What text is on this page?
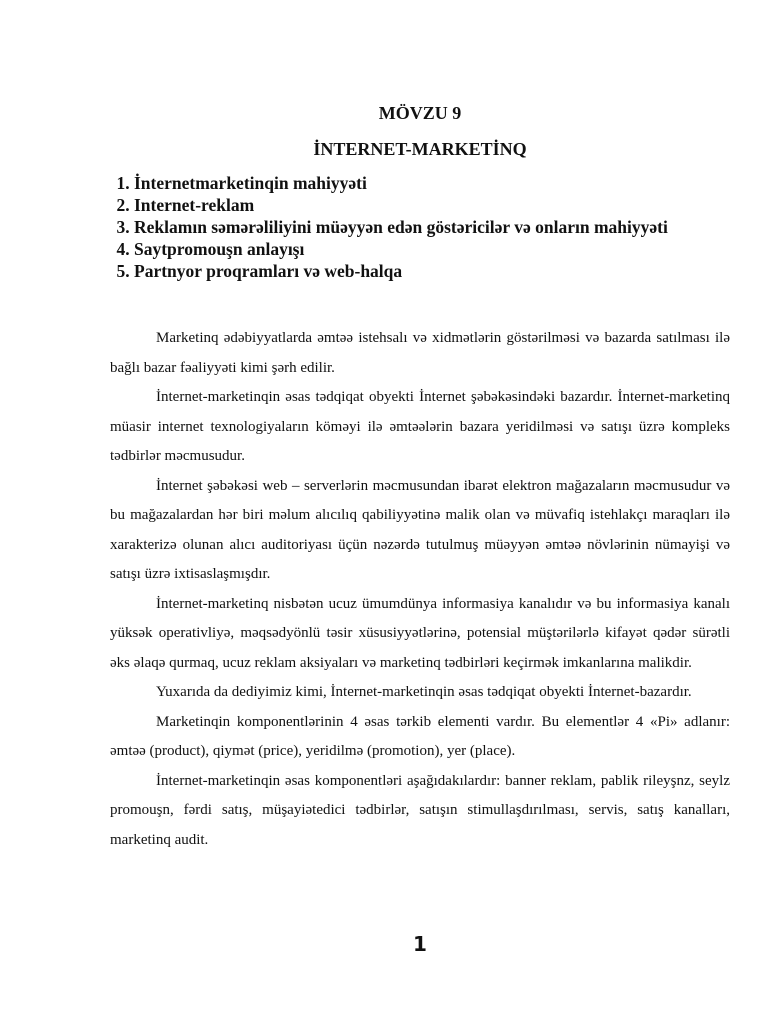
MÖVZU 9
İNTERNET-MARKETİNQ
1. İnternetmarketinqin mahiyyəti
2. Internet-reklam
3. Reklamın səmərəliliyini müəyyən edən göstəricilər və onların mahiyyəti
4. Saytpromouşn anlayışı
5. Partnyor proqramları və web-halqa

Marketinq ədəbiyyatlarda əmtəə istehsalı və xidmətlərin göstərilməsi və bazarda satılması ilə bağlı bazar fəaliyyəti kimi şərh edilir.

İnternet-marketinqin əsas tədqiqat obyekti İnternet şəbəkəsindəki bazardır. İnternet-marketinq müasir internet texnologiyaların köməyi ilə əmtəələrin bazara yeridilməsi və satışı üzrə kompleks tədbirlər məcmusudur.

İnternet şəbəkəsi web – serverlərin məcmusundan ibarət elektron mağazaların məcmusudur və bu mağazalardan hər biri məlum alıcılıq qabiliyyətinə malik olan və müvafiq istehlakçı maraqları ilə xarakterizə olunan alıcı auditoriyası üçün nəzərdə tutulmuş müəyyən əmtəə növlərinin nümayişi və satışı üzrə ixtisaslaşmışdır.

İnternet-marketinq nisbətən ucuz ümumdünya informasiya kanalıdır və bu informasiya kanalı yüksək operativliyə, məqsədyönlü təsir xüsusiyyətlərinə, potensial müştərilərlə kifayət qədər sürətli əks əlaqə qurmaq, ucuz reklam aksiyaları və marketinq tədbirləri keçirmək imkanlarına malikdir.

Yuxarıda da dediyimiz kimi, İnternet-marketinqin əsas tədqiqat obyekti İnternet-bazardır.

Marketinqin komponentlərinin 4 əsas tərkib elementi vardır. Bu elementlər 4 «Pi» adlanır: əmtəə (product), qiymət (price), yeridilmə (promotion), yer (place).

İnternet-marketinqin əsas komponentləri aşağıdakılardır: banner reklam, pablik rileyşnz, seylz promouşn, fərdi satış, müşayiətedici tədbirlər, satışın stimullaşdırılması, servis, satış kanalları, marketinq audit.

1
